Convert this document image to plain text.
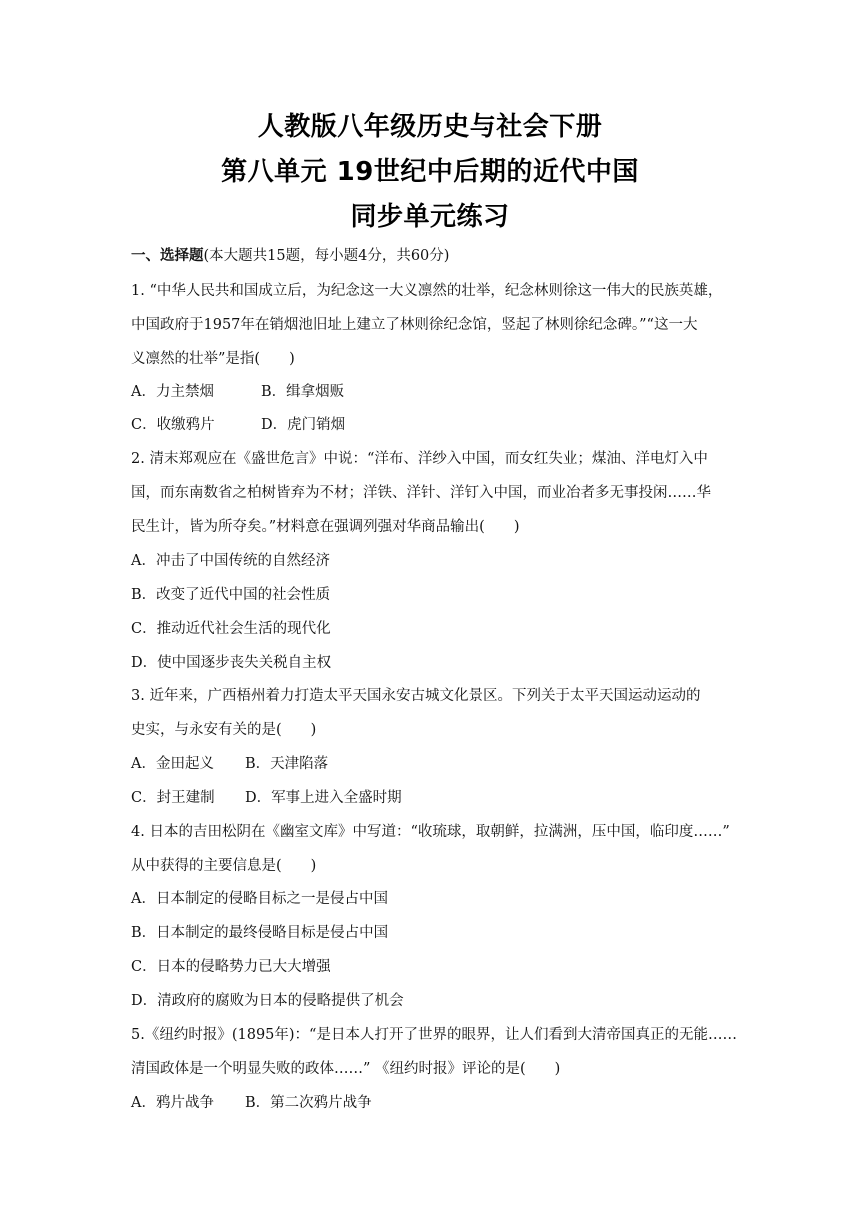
人教版八年级历史与社会下册
第八单元 19世纪中后期的近代中国
同步单元练习
一、选择题(本大题共15题，每小题4分，共60分)
1. “中华人民共和国成立后，为纪念这一大义凛然的壮举，纪念林则徐这一伟大的民族英雄，
中国政府于1957年在销烟池旧址上建立了林则徐纪念馆，竖起了林则徐纪念碑。”“这一大
义凛然的壮举”是指(　　)
A．力主禁烟	B．缉拿烟贩
C．收缴鸦片	D．虎门销烟
2. 清末郑观应在《盛世危言》中说：“洋布、洋纱入中国，而女红失业；煤油、洋电灯入中
国，而东南数省之柏树皆弃为不材；洋铁、洋针、洋钉入中国，而业冶者多无事投闲……华
民生计，皆为所夺矣。”材料意在强调列强对华商品输出(　　)
A．冲击了中国传统的自然经济
B．改变了近代中国的社会性质
C．推动近代社会生活的现代化
D．使中国逐步丧失关税自主权
3. 近年来，广西梧州着力打造太平天国永安古城文化景区。下列关于太平天国运动运动的
史实，与永安有关的是(　　)
A．金田起义 B．天津陷落
C．封王建制 D．军事上进入全盛时期
4. 日本的吉田松阴在《幽室文库》中写道：“收琉球，取朝鲜，拉满洲，压中国，临印度……”
从中获得的主要信息是(　　)
A．日本制定的侵略目标之一是侵占中国
B．日本制定的最终侵略目标是侵占中国
C．日本的侵略势力已大大增强
D．清政府的腐败为日本的侵略提供了机会
5.《纽约时报》(1895年)：“是日本人打开了世界的眼界，让人们看到大清帝国真正的无能……
清国政体是一个明显失败的政体……” 《纽约时报》评论的是(　　)
A．鸦片战争 B．第二次鸦片战争
